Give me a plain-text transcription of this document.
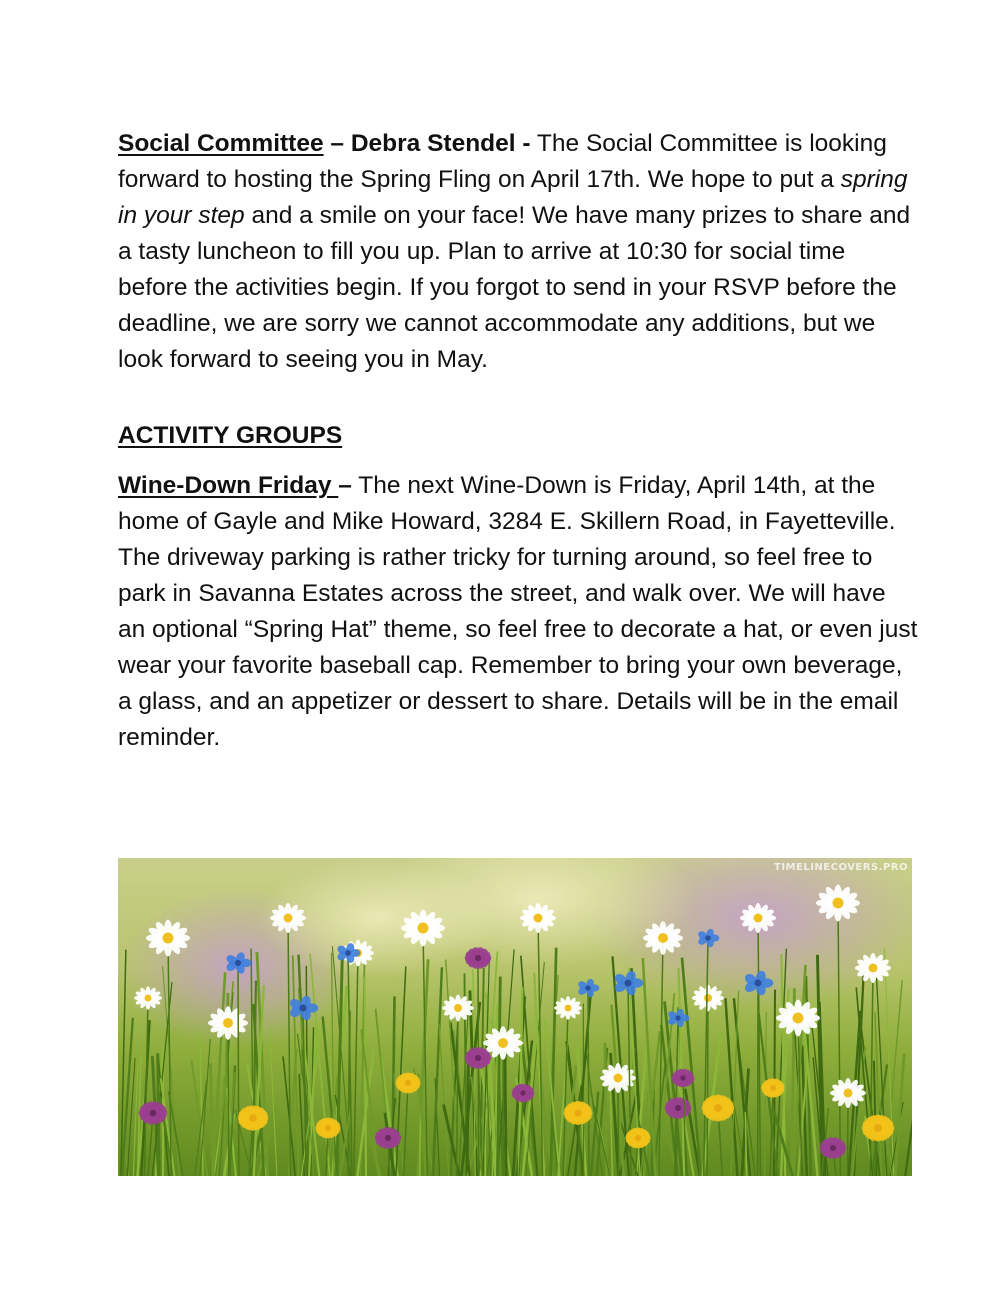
Social Committee – Debra Stendel - The Social Committee is looking forward to hosting the Spring Fling on April 17th. We hope to put a spring in your step and a smile on your face! We have many prizes to share and a tasty luncheon to fill you up. Plan to arrive at 10:30 for social time before the activities begin. If you forgot to send in your RSVP before the deadline, we are sorry we cannot accommodate any additions, but we look forward to seeing you in May.

ACTIVITY GROUPS

Wine-Down Friday – The next Wine-Down is Friday, April 14th, at the home of Gayle and Mike Howard, 3284 E. Skillern Road, in Fayetteville. The driveway parking is rather tricky for turning around, so feel free to park in Savanna Estates across the street, and walk over. We will have an optional “Spring Hat” theme, so feel free to decorate a hat, or even just wear your favorite baseball cap. Remember to bring your own beverage, a glass, and an appetizer or dessert to share. Details will be in the email reminder.

TIMELINECOVERS.PRO
